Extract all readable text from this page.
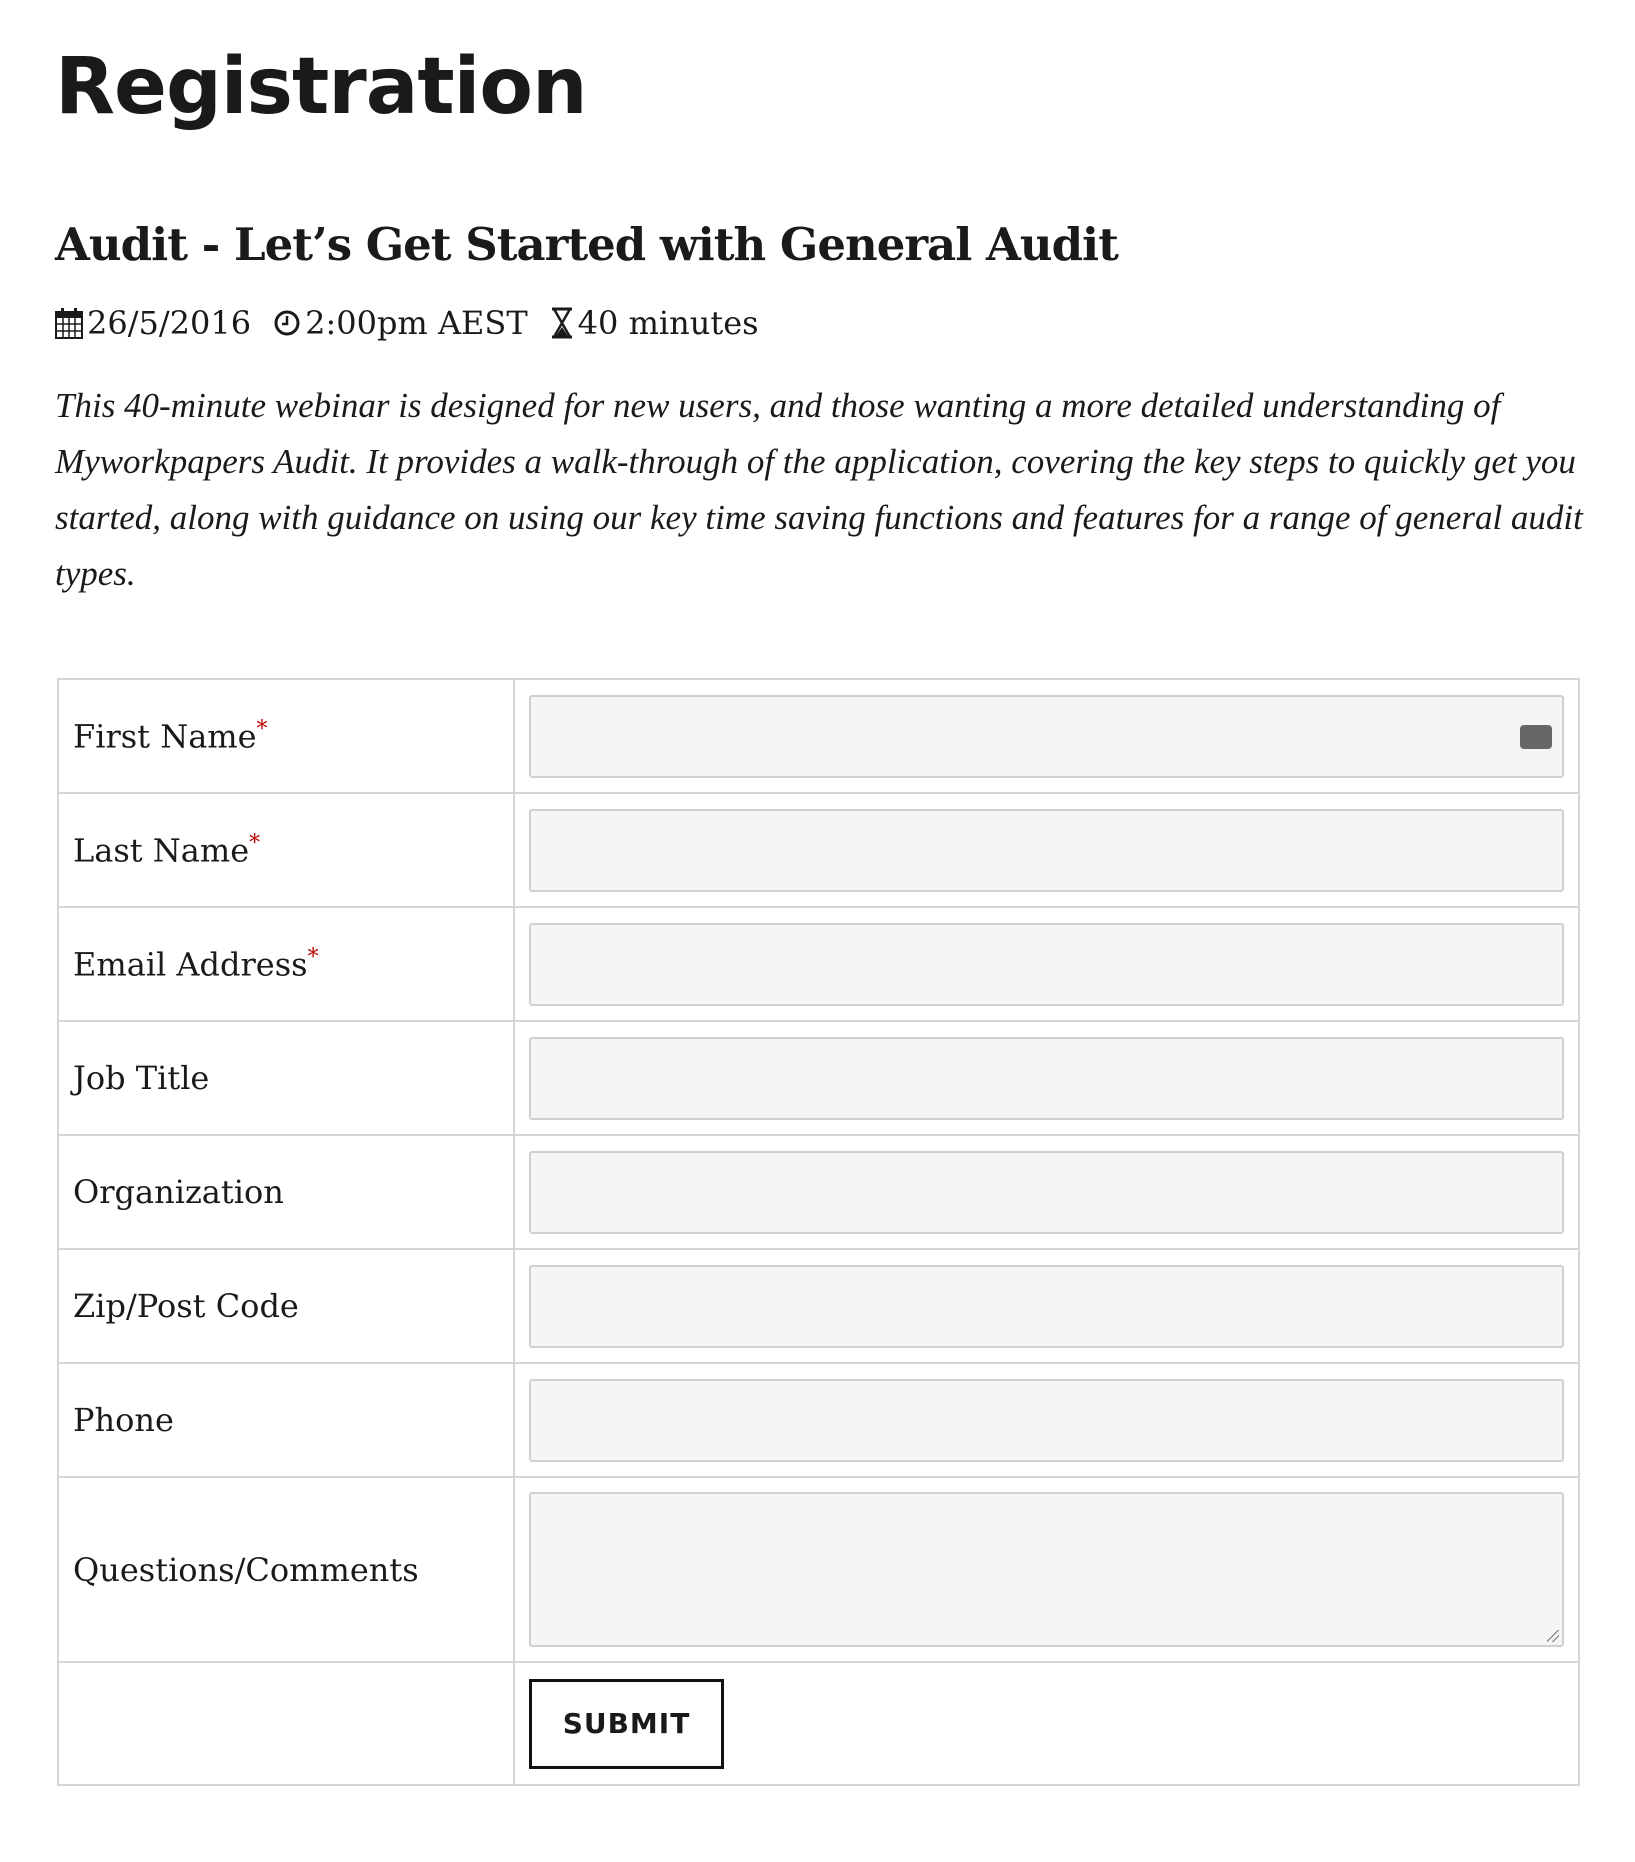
Registration
Audit - Let’s Get Started with General Audit
26/5/2016 2:00pm AEST 40 minutes

This 40-minute webinar is designed for new users, and those wanting a more detailed understanding of Myworkpapers Audit. It provides a walk-through of the application, covering the key steps to quickly get you started, along with guidance on using our key time saving functions and features for a range of general audit types.

First Name*	

Last Name*	

Email Address*	

Job Title	

Organization	

Zip/Post Code	

Phone	

Questions/Comments	

SUBMIT
